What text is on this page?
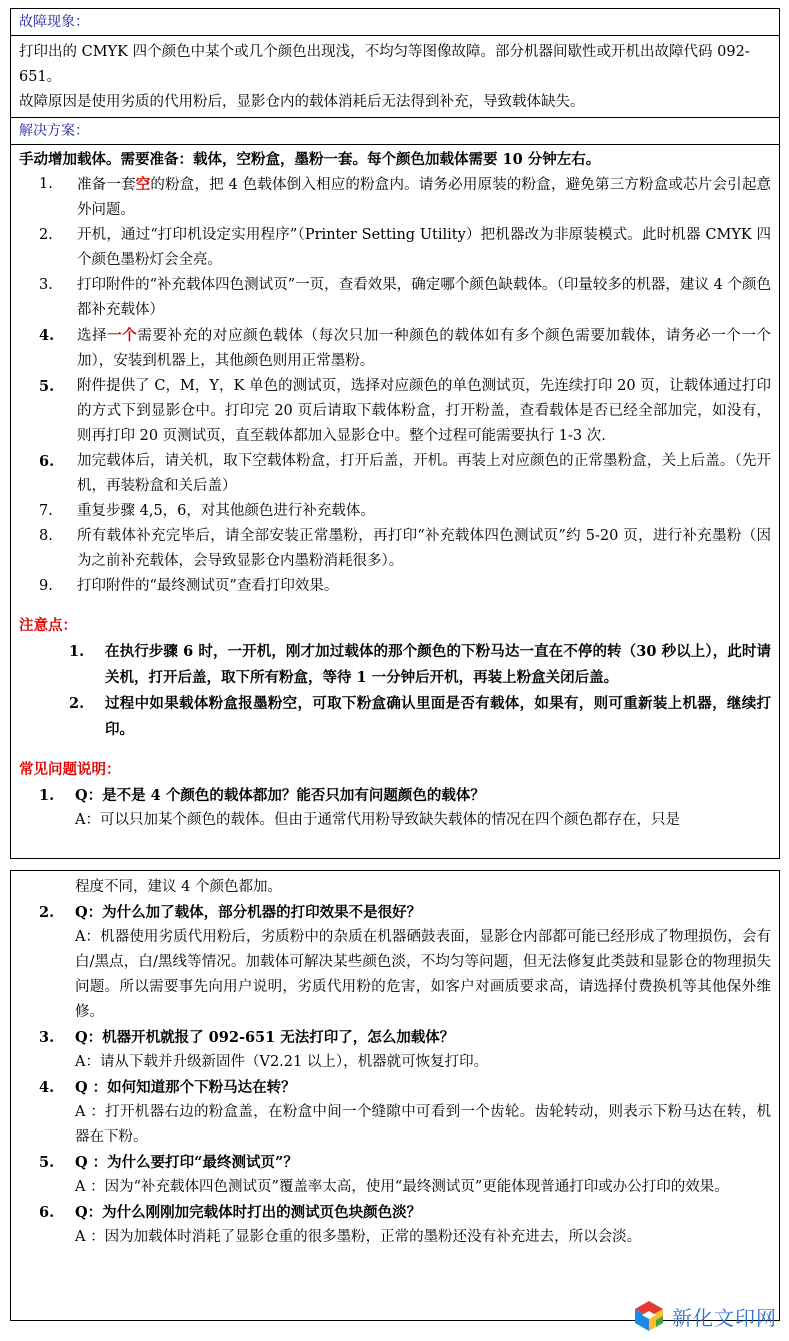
故障现象：

打印出的 CMYK 四个颜色中某个或几个颜色出现浅，不均匀等图像故障。部分机器间歇性或开机出故障代码 092-651。

故障原因是使用劣质的代用粉后，显影仓内的载体消耗后无法得到补充，导致载体缺失。

解决方案：
手动增加载体。需要准备：载体，空粉盒，墨粉一套。每个颜色加载体需要 10 分钟左右。
1.	准备一套空的粉盒，把 4 色载体倒入相应的粉盒内。请务必用原装的粉盒，避免第三方粉盒或芯片会引起意外问题。
2.	开机，通过“打印机设定实用程序”（Printer Setting Utility）把机器改为非原装模式。此时机器 CMYK 四个颜色墨粉灯会全亮。
3.	打印附件的“补充载体四色测试页”一页，查看效果，确定哪个颜色缺载体。（印量较多的机器，建议 4 个颜色都补充载体）
4.	选择一个需要补充的对应颜色载体（每次只加一种颜色的载体如有多个颜色需要加载体，请务必一个一个加），安装到机器上，其他颜色则用正常墨粉。
5.	附件提供了 C，M，Y，K 单色的测试页，选择对应颜色的单色测试页，先连续打印 20 页，让载体通过打印的方式下到显影仓中。打印完 20 页后请取下载体粉盒，打开粉盖，查看载体是否已经全部加完，如没有，则再打印 20 页测试页，直至载体都加入显影仓中。整个过程可能需要执行 1-3 次.
6.	加完载体后，请关机，取下空载体粉盒，打开后盖，开机。再装上对应颜色的正常墨粉盒，关上后盖。（先开机，再装粉盒和关后盖）
7.	重复步骤 4,5，6，对其他颜色进行补充载体。
8.	所有载体补充完毕后，请全部安装正常墨粉，再打印“补充载体四色测试页”约 5-20 页，进行补充墨粉（因为之前补充载体，会导致显影仓内墨粉消耗很多）。
9.	打印附件的“最终测试页”查看打印效果。
注意点：
1.	在执行步骤 6 时，一开机，刚才加过载体的那个颜色的下粉马达一直在不停的转（30 秒以上），此时请关机，打开后盖，取下所有粉盒，等待 1 一分钟后开机，再装上粉盒关闭后盖。
2.	过程中如果载体粉盒报墨粉空，可取下粉盒确认里面是否有载体，如果有，则可重新装上机器，继续打印。
常见问题说明：
1.	Q：是不是 4 个颜色的载体都加？能否只加有问题颜色的载体？
A：可以只加某个颜色的载体。但由于通常代用粉导致缺失载体的情况在四个颜色都存在，只是
程度不同，建议 4 个颜色都加。
2.	Q：为什么加了载体，部分机器的打印效果不是很好？
A：机器使用劣质代用粉后，劣质粉中的杂质在机器硒鼓表面，显影仓内部都可能已经形成了物理损伤，会有白/黑点，白/黑线等情况。加载体可解决某些颜色淡，不均匀等问题，但无法修复此类鼓和显影仓的物理损失问题。所以需要事先向用户说明，劣质代用粉的危害，如客户对画质要求高，请选择付费换机等其他保外维修。
3.	Q：机器开机就报了 092-651 无法打印了，怎么加载体？
A：请从下载并升级新固件（V2.21 以上），机器就可恢复打印。
4.	Q ：如何知道那个下粉马达在转？
A ：打开机器右边的粉盒盖，在粉盒中间一个缝隙中可看到一个齿轮。齿轮转动，则表示下粉马达在转，机器在下粉。
5.	Q ：为什么要打印“最终测试页”？
A ：因为“补充载体四色测试页”覆盖率太高，使用“最终测试页”更能体现普通打印或办公打印的效果。
6.	Q：为什么刚刚加完载体时打出的测试页色块颜色淡？
A ：因为加载体时消耗了显影仓重的很多墨粉，正常的墨粉还没有补充进去，所以会淡。
新化文印网
